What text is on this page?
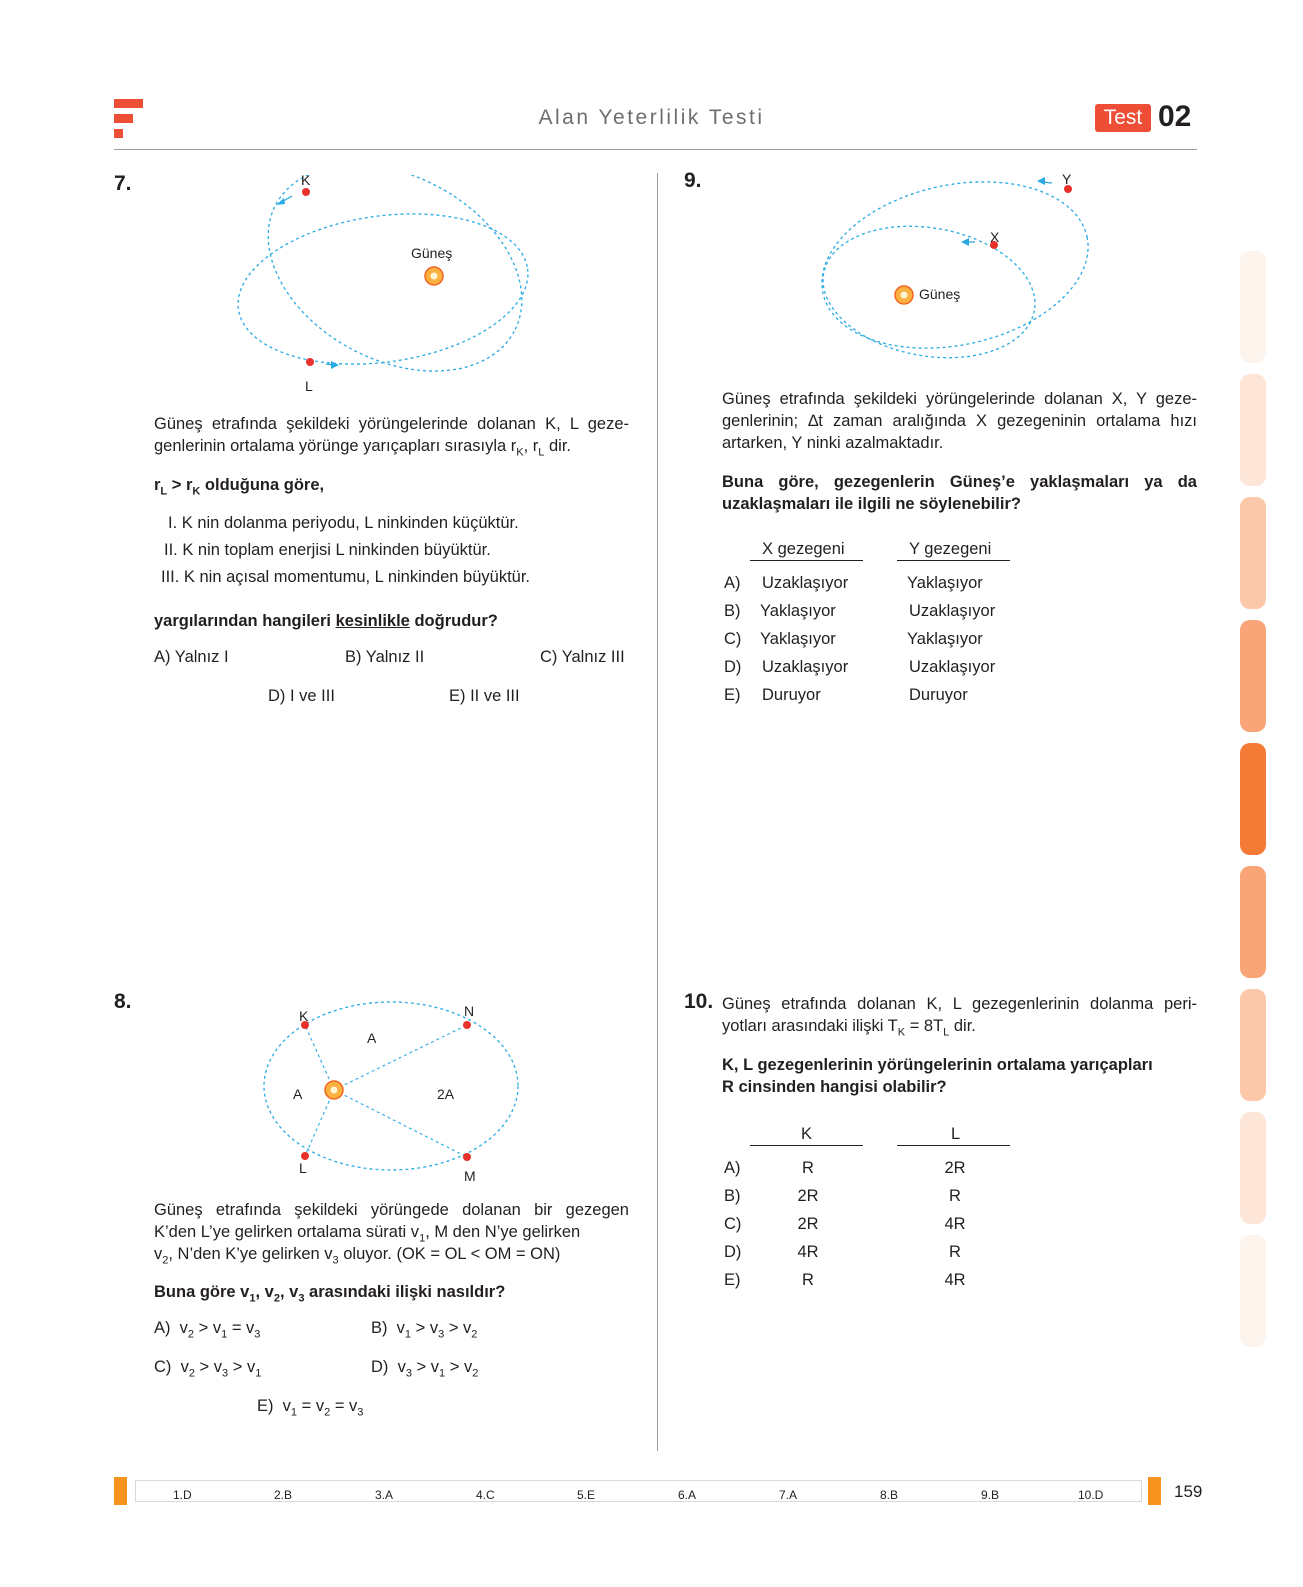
Alan Yeterlilik Testi	Test 02
7.	K
L
Güneş
Güneş etrafında şekildeki yörüngelerinde dolanan K, L geze-
genlerinin ortalama yörünge yarıçapları sırasıyla $r_K$, $r_L$ dir.
$r_L > r_K$ olduğuna göre,
I. K nin dolanma periyodu, L ninkinden küçüktür.
II. K nin toplam enerjisi L ninkinden büyüktür.
III. K nin açısal momentumu, L ninkinden büyüktür.
yargılarından hangileri kesinlikle doğrudur?
A) Yalnız I	B) Yalnız II	C) Yalnız III
D) I ve III	E) II ve III
9.	Y
X
Güneş
Güneş etrafında şekildeki yörüngelerinde dolanan X, Y geze-
genlerinin; ∆t zaman aralığında X gezegeninin ortalama hızı
artarken, Y ninki azalmaktadır.
Buna göre, gezegenlerin Güneş’e yaklaşmaları ya da
uzaklaşmaları ile ilgili ne söylenebilir?
X gezegeni	Y gezegeni
A) Uzaklaşıyor	Yaklaşıyor
B) Yaklaşıyor	Uzaklaşıyor
C) Yaklaşıyor	Yaklaşıyor
D) Uzaklaşıyor	Uzaklaşıyor
E) Duruyor	Duruyor
8.
K	N
L	M
A
A	2A
Güneş etrafında şekildeki yörüngede dolanan bir gezegen
K’den L’ye gelirken ortalama sürati $v_1$, M den N’ye gelirken
$v_2$, N’den K’ye gelirken $v_3$ oluyor. (OK = OL < OM = ON)
Buna göre $v_1$, $v_2$, $v_3$ arasındaki ilişki nasıldır?
A) $v_2 > v_1 = v_3$	B) $v_1 > v_3 > v_2$
C) $v_2 > v_3 > v_1$	D) $v_3 > v_1 > v_2$
E) $v_1 = v_2 = v_3$
10. Güneş etrafında dolanan K, L gezegenlerinin dolanma peri-
yotları arasındaki ilişki $T_K = 8T_L$ dir.
K, L gezegenlerinin yörüngelerinin ortalama yarıçapları
R cinsinden hangisi olabilir?
K	L
A)	R	2R
B)	2R	R
C)	2R	4R
D)	4R	R
E)	R	4R
1.D	2.B	3.A	4.C	5.E	6.A	7.A	8.B	9.B	10.D	159
